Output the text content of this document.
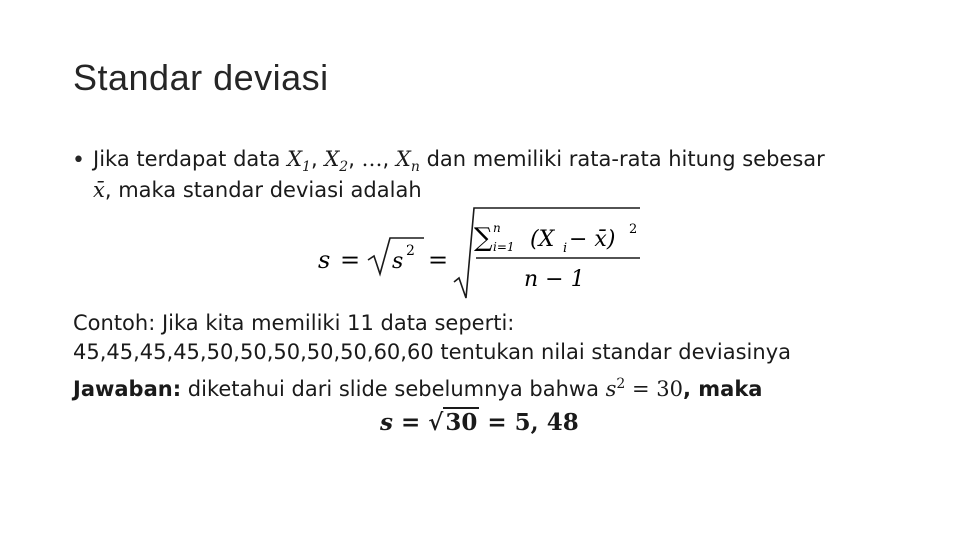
Standar deviasi
• Jika terdapat data $X_1$, $X_2$, …, $X_n$ dan memiliki rata-rata hitung sebesar
x̄, maka standar deviasi adalah
s = s 2 =
∑ n
i=1 (X i − x̄) 2
n − 1
Contoh: Jika kita memiliki 11 data seperti:
45,45,45,45,50,50,50,50,50,60,60 tentukan nilai standar deviasinya
Jawaban: diketahui dari slide sebelumnya bahwa $s^2 = 30$, maka
s = √30 = 5, 48
